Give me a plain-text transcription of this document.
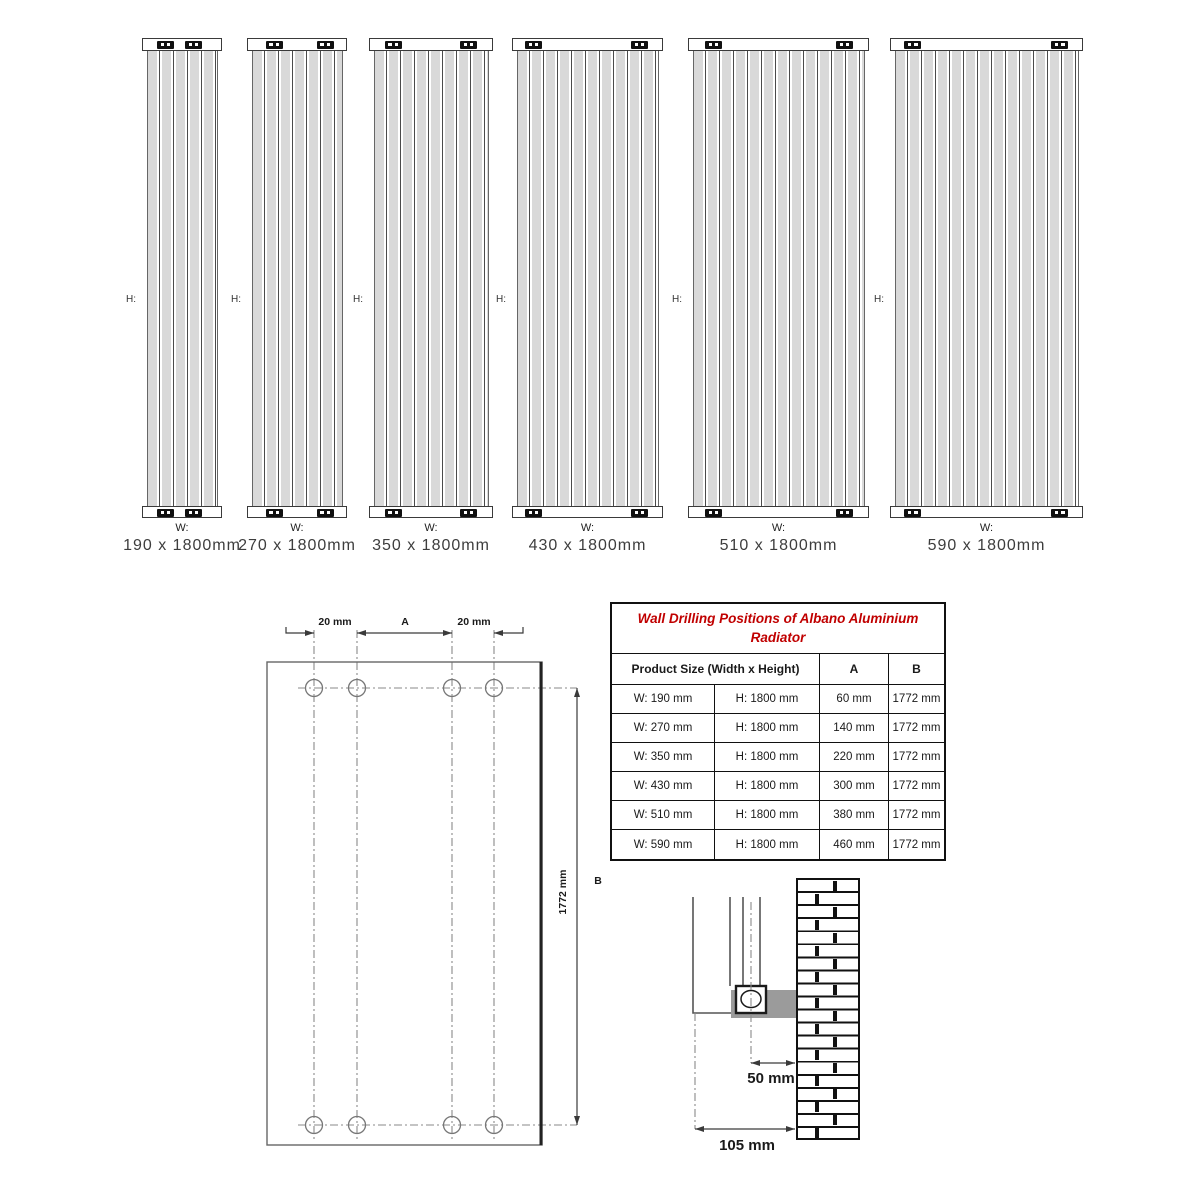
H:
W:
190 x 1800mm
H:
W:
270 x 1800mm
H:
W:
350 x 1800mm
H:
W:
430 x 1800mm
H:
W:
510 x 1800mm
H:
W:
590 x 1800mm
20 mm	A	20 mm
1772 mm B
Wall Drilling Positions of Albano Aluminium Radiator
Product Size (Width x Height)	A	B
W: 190 mm	H: 1800 mm	60 mm	1772 mm
W: 270 mm	H: 1800 mm	140 mm	1772 mm
W: 350 mm	H: 1800 mm	220 mm	1772 mm
W: 430 mm	H: 1800 mm	300 mm	1772 mm
W: 510 mm	H: 1800 mm	380 mm	1772 mm
W: 590 mm	H: 1800 mm	460 mm	1772 mm
50 mm
105 mm
